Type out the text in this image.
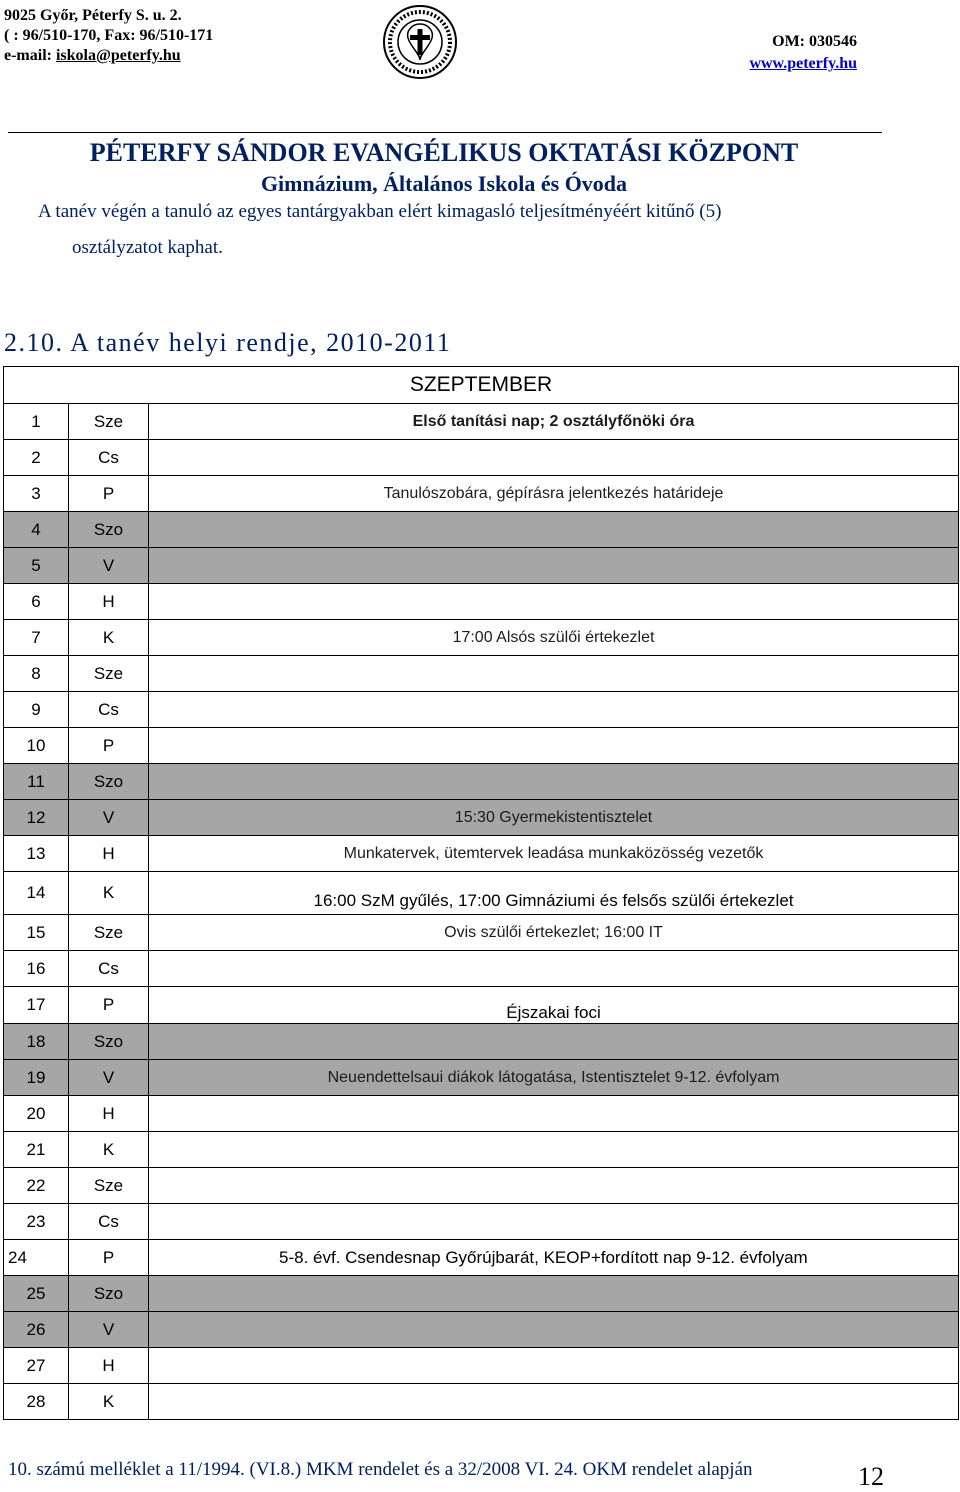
9025 Győr, Péterfy S. u. 2.
( : 96/510-170, Fax: 96/510-171
e-mail: iskola@peterfy.hu
OM: 030546
www.peterfy.hu
PÉTERFY SÁNDOR EVANGÉLIKUS OKTATÁSI KÖZPONT
Gimnázium, Általános Iskola és Óvoda
A tanév végén a tanuló az egyes tantárgyakban elért kimagasló teljesítményéért kitűnő (5)
osztályzatot kaphat.
2.10. A tanév helyi rendje, 2010-2011
SZEPTEMBER		
1	Sze	Első tanítási nap; 2 osztályfőnöki óra
2	Cs	
3	P	Tanulószobára, gépírásra jelentkezés határideje
4	Szo	
5	V	
6	H	
7	K	17:00 Alsós szülői értekezlet
8	Sze	
9	Cs	
10	P	
11	Szo	
12	V	15:30 Gyermekistentisztelet
13	H	Munkatervek, ütemtervek leadása munkaközösség vezetők
14	K	16:00 SzM gyűlés, 17:00 Gimnáziumi és felsős szülői értekezlet
15	Sze	Ovis szülői értekezlet; 16:00 IT
16	Cs	
17	P	Éjszakai foci
18	Szo	
19	V	Neuendettelsaui diákok látogatása, Istentisztelet 9-12. évfolyam
20	H	
21	K	
22	Sze	
23	Cs	
24	P	5-8. évf. Csendesnap Győrújbarát, KEOP+fordított nap 9-12. évfolyam
25	Szo	
26	V	
27	H	
28	K	
10. számú melléklet a 11/1994. (VI.8.) MKM rendelet és a 32/2008 VI. 24. OKM rendelet alapján	12
